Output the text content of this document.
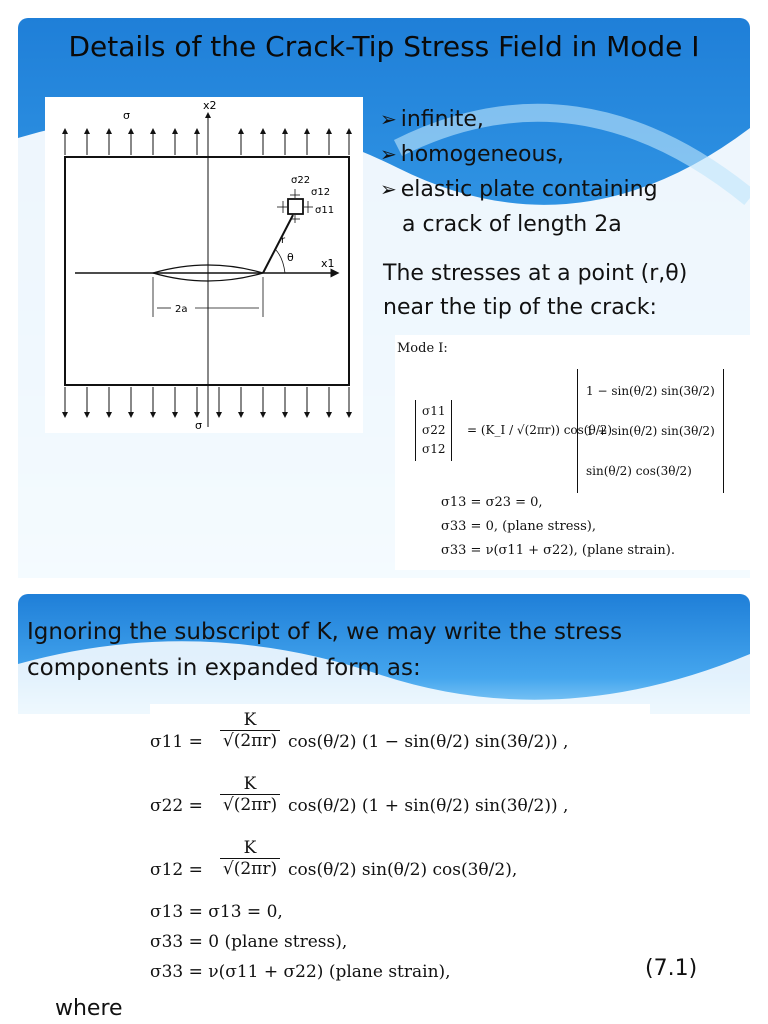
Details of the Crack-Tip Stress Field in Mode I
σ
σ
x2
x1
σ22
σ12
σ11
r
θ
2a
➢ infinite,
➢ homogeneous,
➢ elastic plate containing
a crack of length 2a
The stresses at a point (r,θ)
near the tip of the crack:
Mode I:
σ11
σ22
σ12
= (K_I / √(2πr)) cos(θ/2)
1 − sin(θ/2) sin(3θ/2)
1 + sin(θ/2) sin(3θ/2)
sin(θ/2) cos(3θ/2)
σ13 = σ23 = 0,
σ33 = 0, (plane stress),
σ33 = ν(σ11 + σ22), (plane strain).
Ignoring the subscript of K, we may write the stress
components in expanded form as:
σ11 =
K
√(2πr) cos(θ/2) (1 − sin(θ/2) sin(3θ/2)) ,
σ22 =
K
√(2πr) cos(θ/2) (1 + sin(θ/2) sin(3θ/2)) ,
σ12 =
K
√(2πr) cos(θ/2) sin(θ/2) cos(3θ/2),
σ13 = σ13 = 0,
σ33 = 0 (plane stress),
σ33 = ν(σ11 + σ22) (plane strain),	(7.1)
where
